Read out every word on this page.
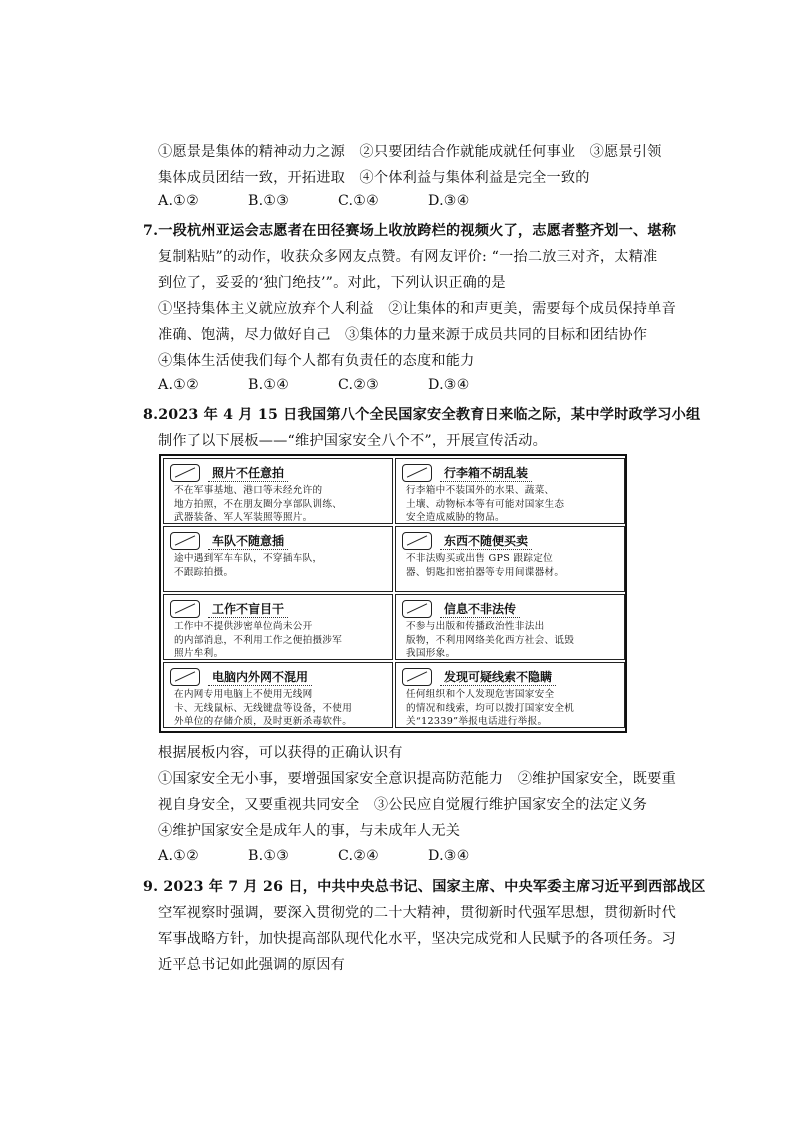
①愿景是集体的精神动力之源　②只要团结合作就能成就任何事业　③愿景引领
集体成员团结一致，开拓进取　④个体利益与集体利益是完全一致的
A.①②	B.①③	C.①④	D.③④
7.一段杭州亚运会志愿者在田径赛场上收放跨栏的视频火了，志愿者整齐划一、堪称
复制粘贴”的动作，收获众多网友点赞。有网友评价: “一抬二放三对齐，太精准
到位了，妥妥的‘独门绝技’”。对此，下列认识正确的是
①坚持集体主义就应放弃个人利益　②让集体的和声更美，需要每个成员保持单音
准确、饱满，尽力做好自己　③集体的力量来源于成员共同的目标和团结协作
④集体生活使我们每个人都有负责任的态度和能力
A.①②	B.①④	C.②③	D.③④
8.2023 年 4 月 15 日我国第八个全民国家安全教育日来临之际，某中学时政学习小组
制作了以下展板——“维护国家安全八个不”，开展宣传活动。
照片不任意拍
不在军事基地、港口等未经允许的
地方拍照，不在朋友圈分享部队训练、
武器装备、军人军装照等照片。
行李箱不胡乱装
行李箱中不装国外的水果、蔬菜、
土壤、动物标本等有可能对国家生态
安全造成威胁的物品。
车队不随意插
途中遇到军车车队，不穿插车队，
不跟踪拍摄。
东西不随便买卖
不非法购买或出售 GPS 跟踪定位
器、钥匙扣密拍器等专用间谍器材。
工作不盲目干
工作中不提供涉密单位尚未公开
的内部消息，不利用工作之便拍摄涉军
照片牟利。
信息不非法传
不参与出版和传播政治性非法出
版物，不利用网络美化西方社会、诋毁
我国形象。
电脑内外网不混用
在内网专用电脑上不使用无线网
卡、无线鼠标、无线键盘等设备，不使用
外单位的存储介质，及时更新杀毒软件。
发现可疑线索不隐瞒
任何组织和个人发现危害国家安全
的情况和线索，均可以拨打国家安全机
关“12339”举报电话进行举报。
根据展板内容，可以获得的正确认识有
①国家安全无小事，要增强国家安全意识提高防范能力　②维护国家安全，既要重
视自身安全，又要重视共同安全　③公民应自觉履行维护国家安全的法定义务
④维护国家安全是成年人的事，与未成年人无关
A.①②	B.①③	C.②④	D.③④
9. 2023 年 7 月 26 日，中共中央总书记、国家主席、中央军委主席习近平到西部战区
空军视察时强调，要深入贯彻党的二十大精神，贯彻新时代强军思想，贯彻新时代
军事战略方针，加快提高部队现代化水平，坚决完成党和人民赋予的各项任务。习
近平总书记如此强调的原因有
